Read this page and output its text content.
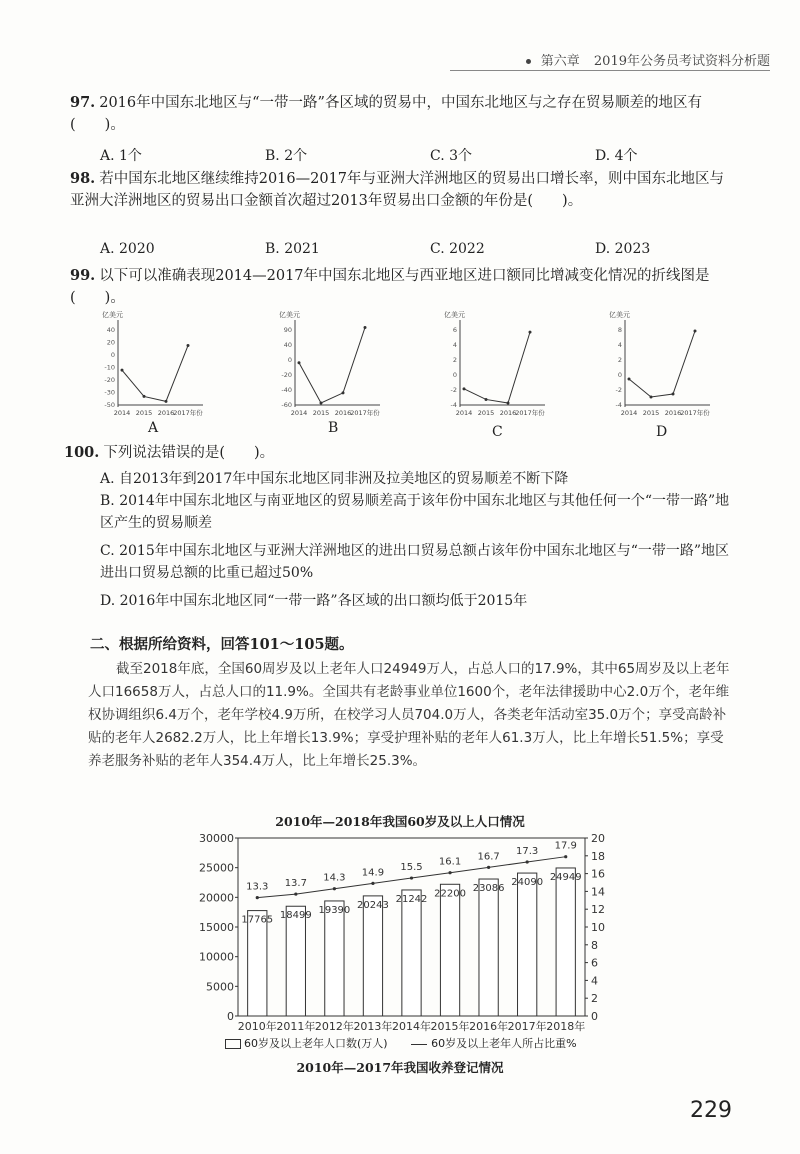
第六章 2019年公务员考试资料分析题
97. 2016年中国东北地区与“一带一路”各区域的贸易中，中国东北地区与之存在贸易顺差的地区有(　　)。
A. 1个	B. 2个	C. 3个	D. 4个
98. 若中国东北地区继续维持2016—2017年与亚洲大洋洲地区的贸易出口增长率，则中国东北地区与亚洲大洋洲地区的贸易出口金额首次超过2013年贸易出口金额的年份是(　　)。
A. 2020	B. 2021	C. 2022	D. 2023
99. 以下可以准确表现2014—2017年中国东北地区与西亚地区进口额同比增减变化情况的折线图是(　　)。
亿美元
40
20
0
-10
-20
-30
-50
2014 2015 2016
2017年份
亿美元
90
40
0
-20
-40
-60
2014 2015 2016
2017年份
亿美元
6
4
2
0
-2
-4
2014 2015 2016
2017年份
亿美元
8
4
2
0
-2
-4
2014 2015 2016
2017年份
A	B	C	D
100. 下列说法错误的是(　　)。
A. 自2013年到2017年中国东北地区同非洲及拉美地区的贸易顺差不断下降
B. 2014年中国东北地区与南亚地区的贸易顺差高于该年份中国东北地区与其他任何一个“一带一路”地区产生的贸易顺差
C. 2015年中国东北地区与亚洲大洋洲地区的进出口贸易总额占该年份中国东北地区与“一带一路”地区进出口贸易总额的比重已超过50%
D. 2016年中国东北地区同“一带一路”各区域的出口额均低于2015年
二、根据所给资料，回答101～105题。
截至2018年底，全国60周岁及以上老年人口24949万人，占总人口的17.9%，其中65周岁及以上老年人口16658万人，占总人口的11.9%。全国共有老龄事业单位1600个，老年法律援助中心2.0万个，老年维权协调组织6.4万个，老年学校4.9万所，在校学习人员704.0万人，各类老年活动室35.0万个；享受高龄补贴的老年人2682.2万人，比上年增长13.9%；享受护理补贴的老年人61.3万人，比上年增长51.5%；享受养老服务补贴的老年人354.4万人，比上年增长25.3%。
2010年—2018年我国60岁及以上人口情况
30000
25000
20000
15000
10000
5000
0
20
18
16
14
12
10
8
6
4
2
0
17765
2010年
13.3
18499
2011年
13.7
19390
2012年
14.3
20243
2013年
14.9
21242
2014年
15.5
22200
2015年
16.1
23086
2016年
16.7
24090
2017年
17.3
24949
2018年
17.9
60岁及以上老年人口数(万人)	60岁及以上老年人所占比重%
2010年—2017年我国收养登记情况
229
